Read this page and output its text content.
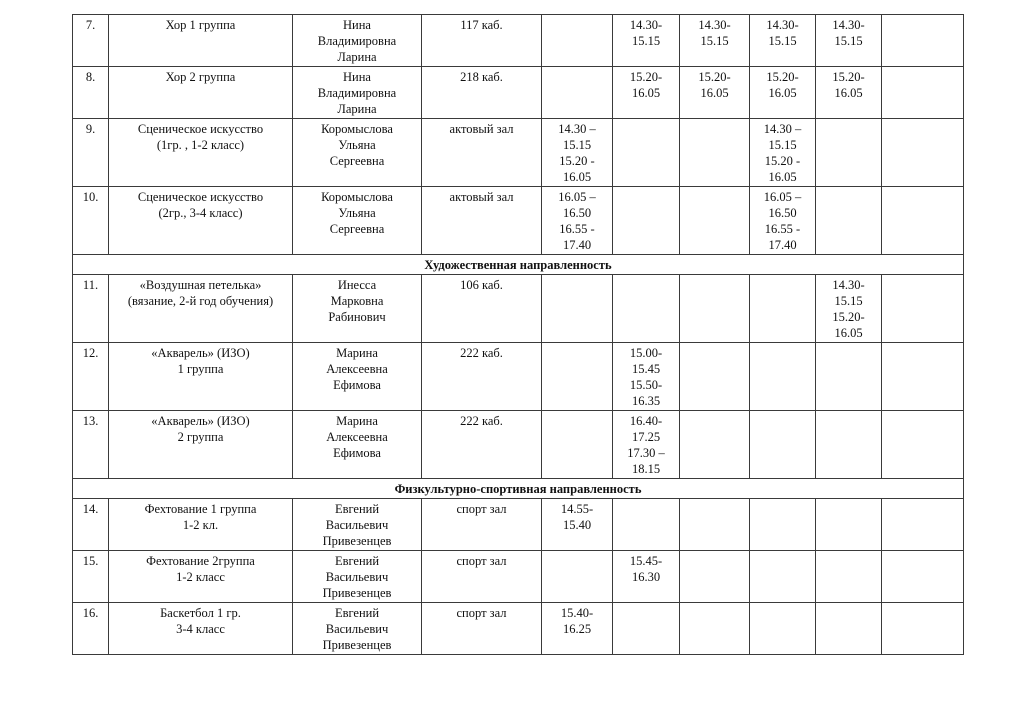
7.	Хор 1 группа	Нина
Владимировна
Ларина	117 каб.		14.30-
15.15	14.30-
15.15	14.30-
15.15	14.30-
15.15	
8.	Хор 2 группа	Нина
Владимировна
Ларина	218 каб.		15.20-
16.05	15.20-
16.05	15.20-
16.05	15.20-
16.05	
9.	Сценическое искусство
(1гр. , 1-2 класс)	Коромыслова
Ульяна
Сергеевна	актовый зал	14.30 –
15.15
15.20 -
16.05			14.30 –
15.15
15.20 -
16.05		
10.	Сценическое искусство
(2гр., 3-4 класс)	Коромыслова
Ульяна
Сергеевна	актовый зал	16.05 –
16.50
16.55 -
17.40			16.05 –
16.50
16.55 -
17.40		
Художественная направленность									
11.	«Воздушная петелька»
(вязание, 2-й год обучения)	Инесса
Марковна
Рабинович	106 каб.					14.30-
15.15
15.20-
16.05	
12.	«Акварель» (ИЗО)
1 группа	Марина
Алексеевна
Ефимова	222 каб.		15.00-
15.45
15.50-
16.35				
13.	«Акварель» (ИЗО)
2 группа	Марина
Алексеевна
Ефимова	222 каб.		16.40-
17.25
17.30 –
18.15				
Физкультурно-спортивная направленность									
14.	Фехтование 1 группа
1-2 кл.	Евгений
Васильевич
Привезенцев	спорт зал	14.55-
15.40					
15.	Фехтование 2группа
1-2 класс	Евгений
Васильевич
Привезенцев	спорт зал		15.45-
16.30				
16.	Баскетбол 1 гр.
3-4 класс	Евгений
Васильевич
Привезенцев	спорт зал	15.40-
16.25					
